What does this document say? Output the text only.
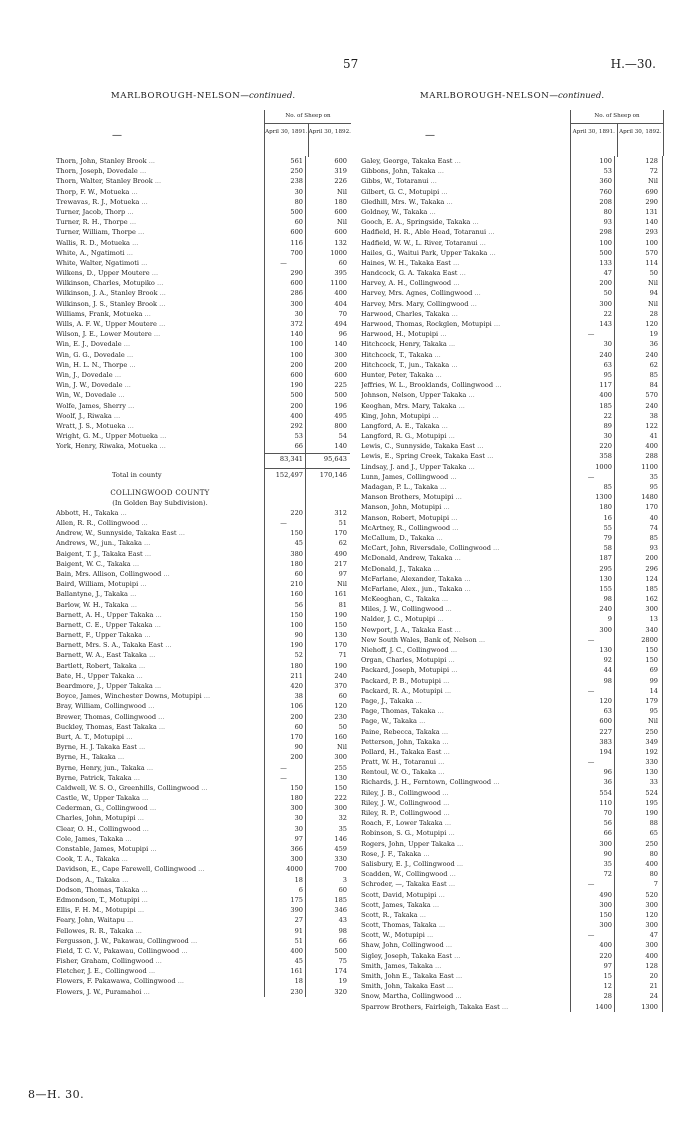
57	H.—30.
MARLBOROUGH-NELSON—continued.
—
No. of Sheep on
April 30, 1891. April 30, 1892.
Thorn, John, Stanley Brook ...	561	600
Thorn, Joseph, Dovedale ...	250	319
Thorn, Walter, Stanley Brook ...	238	226
Thorp, F. W., Motueka ...	30	Nil
Trewavas, R. J., Motueka ...	80	180
Turner, Jacob, Thorp ...	500	600
Turner, R. H., Thorpe ...	60	Nil
Turner, William, Thorpe ...	600	600
Wallis, R. D., Motueka ...	116	132
White, A., Ngatimoti ...	700	1000
White, Walter, Ngatimoti ...	—	60
Wilkens, D., Upper Moutere ...	290	395
Wilkinson, Charles, Motupiko ...	600	1100
Wilkinson, J. A., Stanley Brook ...	286	400
Wilkinson, J. S., Stanley Brook ...	300	404
Williams, Frank, Motueka ...	30	70
Wills, A. F. W., Upper Moutere ...	372	494
Wilson, J. E., Lower Moutere ...	140	96
Win, E. J., Dovedale ...	100	140
Win, G. G., Dovedale ...	100	300
Win, H. L. N., Thorpe ...	200	200
Win, J., Dovedale ...	600	600
Win, J. W., Dovedale ...	190	225
Win, W., Dovedale ...	500	500
Wolfe, James, Sherry ...	200	196
Woolf, J., Riwaka ...	400	495
Wratt, J. S., Motueka ...	292	800
Wright, G. M., Upper Motueka ...	53	54
York, Henry, Riwaka, Motueka ...	66	140
83,341	95,643
Total in county	152,497	170,146
COLLINGWOOD COUNTY
(In Golden Bay Subdivision).
Abbott, H., Takaka ...	220	312
Allen, R. R., Collingwood ...	—	51
Andrew, W., Sunnyside, Takaka East ...	150	170
Andrews, W., jun., Takaka ...	45	62
Baigent, T. J., Takaka East ...	380	490
Baigent, W. C., Takaka ...	180	217
Bain, Mrs. Allison, Collingwood ...	60	97
Baird, William, Motupipi ...	210	Nil
Ballantyne, J., Takaka ...	160	161
Barlow, W. H., Takaka ...	56	81
Barnett, A. H., Upper Takaka ...	150	190
Barnett, C. E., Upper Takaka ...	100	150
Barnett, F., Upper Takaka ...	90	130
Barnett, Mrs. S. A., Takaka East ...	190	170
Barnett, W. A., East Takaka ...	52	71
Bartlett, Robert, Takaka ...	180	190
Bate, H., Upper Takaka ...	211	240
Beardmore, J., Upper Takaka ...	420	370
Boyce, James, Winchester Downs, Motupipi ...	38	60
Bray, William, Collingwood ...	106	120
Brewer, Thomas, Collingwood ...	200	230
Buckley, Thomas, East Takaka ...	60	50
Burt, A. T., Motupipi ...	170	160
Byrne, H. J. Takaka East ...	90	Nil
Byrne, H., Takaka ...	200	300
Byrne, Henry, jun., Takaka ...	—	255
Byrne, Patrick, Takaka ...	—	130
Caldwell, W. S. O., Greenhills, Collingwood ...	150	150
Castle, W., Upper Takaka ...	180	222
Cederman, G., Collingwood ...	300	300
Charles, John, Motupipi ...	30	32
Clear, O. H., Collingwood ...	30	35
Cole, James, Takaka ...	97	146
Constable, James, Motupipi ...	366	459
Cook, T. A., Takaka ...	300	330
Davidson, E., Cape Farewell, Collingwood ...	4000	700
Dodson, A., Takaka ...	18	3
Dodson, Thomas, Takaka ...	6	60
Edmondson, T., Motupipi ...	175	185
Ellis, F. H. M., Motupipi ...	390	346
Feary, John, Waitapu ...	27	43
Fellowes, R. R., Takaka ...	91	98
Fergusson, J. W., Pakawau, Collingwood ...	51	66
Field, T. C. V., Pakawau, Collingwood ...	400	500
Fisher, Graham, Collingwood ...	45	75
Fletcher, J. E., Collingwood ...	161	174
Flowers, F. Pakawawa, Collingwood ...	18	19
Flowers, J. W., Puramahoi ...	230	320
MARLBOROUGH-NELSON—continued.
—
No. of Sheep on
April 30, 1891. April 30, 1892.
Galey, George, Takaka East ...	100	128
Gibbons, John, Takaka ...	53	72
Gibbs, W., Totaranui ...	360	Nil
Gilbert, G. C., Motupipi ...	760	690
Gledhill, Mrs. W., Takaka ...	208	290
Goldney, W., Takaka ...	80	131
Gooch, E. A., Springside, Takaka ...	93	140
Hadfield, H. R., Able Head, Totaranui ...	298	293
Hadfield, W. W., L. River, Totaranui ...	100	100
Hailes, G., Waitui Park, Upper Takaka ...	500	570
Haines, W. H., Takaka East ...	133	114
Handcock, G. A. Takaka East ...	47	50
Harvey, A. H., Collingwood ...	200	Nil
Harvey, Mrs. Agnes, Collingwood ...	50	94
Harvey, Mrs. Mary, Collingwood ...	300	Nil
Harwood, Charles, Takaka ...	22	28
Harwood, Thomas, Rockglen, Motupipi ...	143	120
Harwood, H., Motupipi ...	—	19
Hitchcock, Henry, Takaka ...	30	36
Hitchcock, T., Takaka ...	240	240
Hitchcock, T., jun., Takaka ...	63	62
Hunter, Peter, Takaka ...	95	85
Jeffries, W. L., Brooklands, Collingwood ...	117	84
Johnson, Nelson, Upper Takaka ...	400	570
Keoghan, Mrs. Mary, Takaka ...	185	240
King, John, Motupipi ...	22	38
Langford, A. E., Takaka ...	89	122
Langford, R. G., Motupipi ...	30	41
Lewis, C., Sunnyside, Takaka East ...	220	400
Lewis, E., Spring Creek, Takaka East ...	358	288
Lindsay, J. and J., Upper Takaka ...	1000	1100
Lunn, James, Collingwood ...	—	35
Madagan, P. L., Takaka ...	85	95
Manson Brothers, Motupipi ...	1300	1480
Manson, John, Motupipi ...	180	170
Manson, Robert, Motupipi ...	16	40
McArtney, R., Collingwood ...	55	74
McCallum, D., Takaka ...	79	85
McCart, John, Riversdale, Collingwood ...	58	93
McDonald, Andrew, Takaka ...	187	200
McDonald, J., Takaka ...	295	296
McFarlane, Alexander, Takaka ...	130	124
McFarlane, Alex., jun., Takaka ...	155	185
McKeoghan, C., Takaka ...	98	162
Miles, J. W., Collingwood ...	240	300
Nalder, J. C., Motupipi ...	9	13
Newport, J. A., Takaka East ...	300	340
New South Wales, Bank of, Nelson ...	—	2800
Niehoff, J. C., Collingwood ...	130	150
Organ, Charles, Motupipi ...	92	150
Packard, Joseph, Motupipi ...	44	69
Packard, P. B., Motupipi ...	98	99
Packard, R. A., Motupipi ...	—	14
Page, J., Takaka ...	120	179
Page, Thomas, Takaka ...	63	95
Page, W., Takaka ...	600	Nil
Paine, Rebecca, Takaka ...	227	250
Petterson, John, Takaka ...	383	349
Pollard, H., Takaka East ...	194	192
Pratt, W. H., Totaranui ...	—	330
Rentoul, W. O., Takaka ...	96	130
Richards, J. H., Ferntown, Collingwood ...	36	33
Riley, J. B., Collingwood ...	554	524
Riley, J. W., Collingwood ...	110	195
Riley, R. P., Collingwood ...	70	190
Roach, F., Lower Takaka ...	56	88
Robinson, S. G., Motupipi ...	66	65
Rogers, John, Upper Takaka ...	300	250
Rose, J. F., Takaka ...	90	80
Salisbury, E. J., Collingwood ...	35	400
Scadden, W., Collingwood ...	72	80
Schroder, —, Takaka East ...	—	7
Scott, David, Motupipi ...	490	520
Scott, James, Takaka ...	300	300
Scott, R., Takaka ...	150	120
Scott, Thomas, Takaka ...	300	300
Scott, W., Motupipi ...	—	47
Shaw, John, Collingwood ...	400	300
Sigley, Joseph, Takaka East ...	220	400
Smith, James, Takaka ...	97	128
Smith, John E., Takaka East ...	15	20
Smith, John, Takaka East ...	12	21
Snow, Martha, Collingwood ...	28	24
Sparrow Brothers, Fairleigh, Takaka East ...	1400	1300
8—H. 30.
